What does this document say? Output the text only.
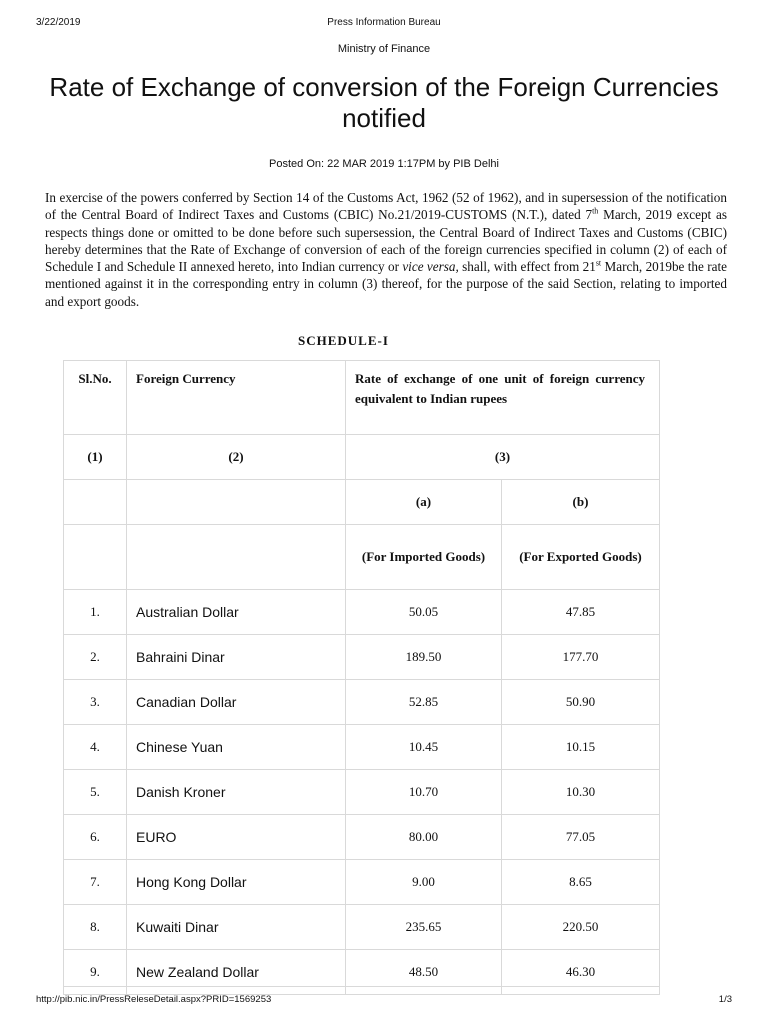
3/22/2019	Press Information Bureau
Ministry of Finance
Rate of Exchange of conversion of the Foreign Currencies notified
Posted On: 22 MAR 2019 1:17PM by PIB Delhi

In exercise of the powers conferred by Section 14 of the Customs Act, 1962 (52 of 1962), and in supersession of the notification of the Central Board of Indirect Taxes and Customs (CBIC) No.21/2019-CUSTOMS (N.T.), dated 7th March, 2019 except as respects things done or omitted to be done before such supersession, the Central Board of Indirect Taxes and Customs (CBIC) hereby determines that the Rate of Exchange of conversion of each of the foreign currencies specified in column (2) of each of Schedule I and Schedule II annexed hereto, into Indian currency or vice versa, shall, with effect from 21st March, 2019be the rate mentioned against it in the corresponding entry in column (3) thereof, for the purpose of the said Section, relating to imported and export goods.

SCHEDULE-I
Sl.No.	Foreign Currency	Rate of exchange of one unit of foreign currency equivalent to Indian rupees	
(1)	(2)	(3)	
		(a)	(b)
		(For Imported Goods)	(For Exported Goods)
1.	Australian Dollar	50.05	47.85
2.	Bahraini Dinar	189.50	177.70
3.	Canadian Dollar	52.85	50.90
4.	Chinese Yuan	10.45	10.15
5.	Danish Kroner	10.70	10.30
6.	EURO	80.00	77.05
7.	Hong Kong Dollar	9.00	8.65
8.	Kuwaiti Dinar	235.65	220.50
9.	New Zealand Dollar	48.50	46.30
http://pib.nic.in/PressReleseDetail.aspx?PRID=1569253	1/3
